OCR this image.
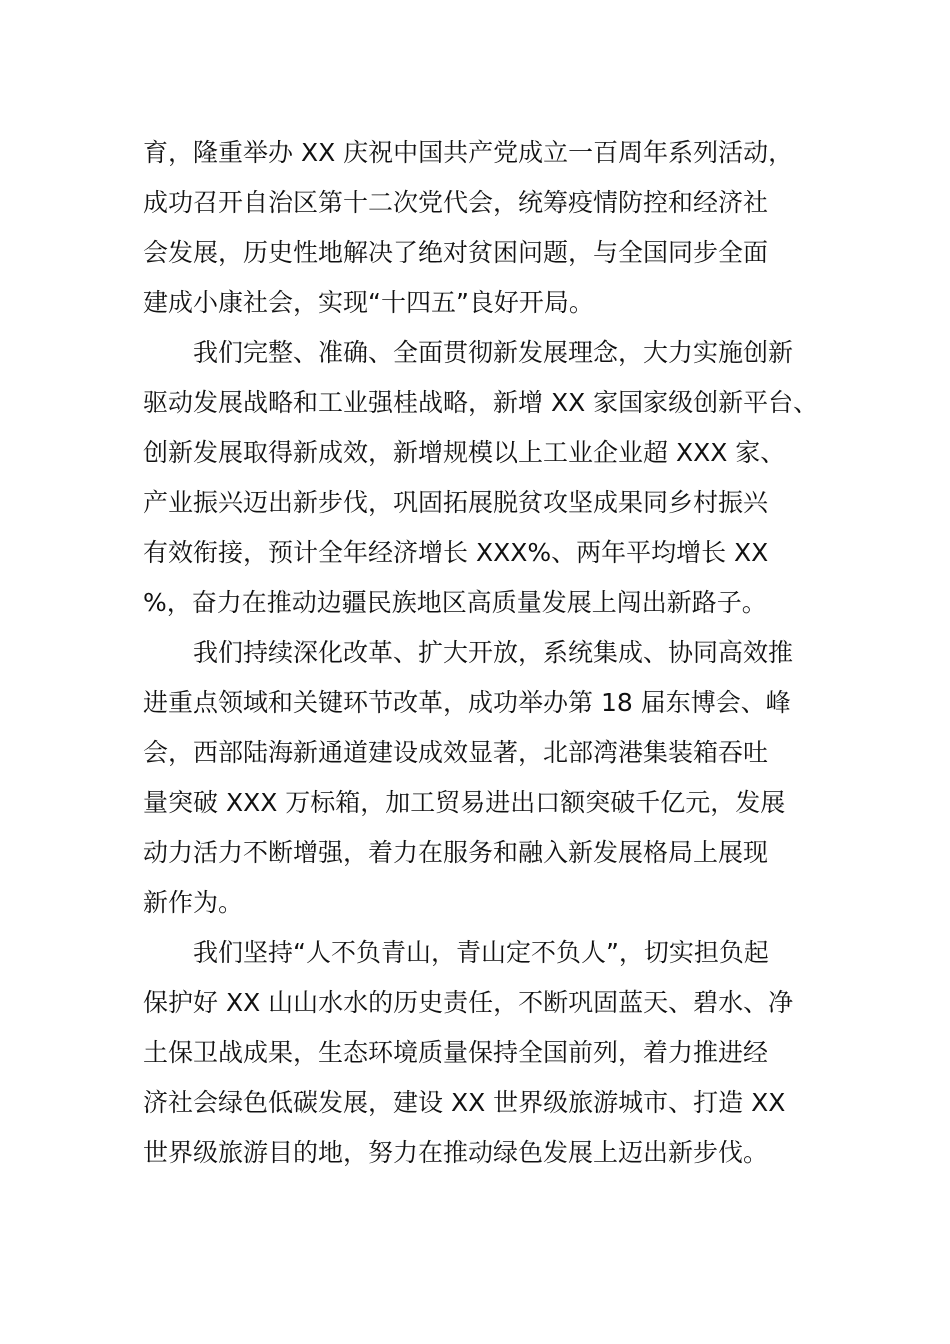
育，隆重举办 XX 庆祝中国共产党成立一百周年系列活动，
成功召开自治区第十二次党代会，统筹疫情防控和经济社
会发展，历史性地解决了绝对贫困问题，与全国同步全面
建成小康社会，实现“十四五”良好开局。
　　我们完整、准确、全面贯彻新发展理念，大力实施创新
驱动发展战略和工业强桂战略，新增 XX 家国家级创新平台、
创新发展取得新成效，新增规模以上工业企业超 XXX 家、
产业振兴迈出新步伐，巩固拓展脱贫攻坚成果同乡村振兴
有效衔接，预计全年经济增长 XXX%、两年平均增长 XX
%，奋力在推动边疆民族地区高质量发展上闯出新路子。
　　我们持续深化改革、扩大开放，系统集成、协同高效推
进重点领域和关键环节改革，成功举办第 18 届东博会、峰
会，西部陆海新通道建设成效显著，北部湾港集装箱吞吐
量突破 XXX 万标箱，加工贸易进出口额突破千亿元，发展
动力活力不断增强，着力在服务和融入新发展格局上展现
新作为。
　　我们坚持“人不负青山，青山定不负人”，切实担负起
保护好 XX 山山水水的历史责任，不断巩固蓝天、碧水、净
土保卫战成果，生态环境质量保持全国前列，着力推进经
济社会绿色低碳发展，建设 XX 世界级旅游城市、打造 XX
世界级旅游目的地，努力在推动绿色发展上迈出新步伐。
